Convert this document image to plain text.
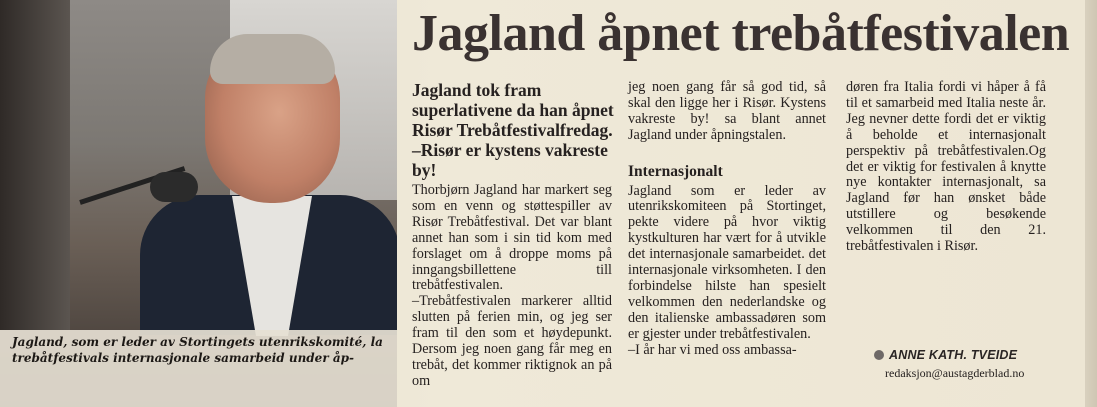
Jagland, som er leder av Stortingets utenrikskomité, la trebåtfestivals internasjonale samarbeid under åp-

Jagland åpnet trebåtfestivalen

Jagland tok fram superlativene da han åpnet Risør Trebåtfestivalfredag. –Risør er kystens vakreste by!

Thorbjørn Jagland har markert seg som en venn og støttespiller av Risør Trebåtfestival. Det var blant annet han som i sin tid kom med forslaget om å droppe moms på inngangsbillettene till trebåtfestivalen.

–Trebåtfestivalen markerer alltid slutten på ferien min, og jeg ser fram til den som et høydepunkt. Dersom jeg noen gang får meg en trebåt, det kommer riktignok an på om

jeg noen gang får så god tid, så skal den ligge her i Risør. Kystens vakreste by! sa blant annet Jagland under åpningstalen.

Internasjonalt

Jagland som er leder av utenrikskomiteen på Stortinget, pekte videre på hvor viktig kystkulturen har vært for å utvikle det internasjonale samarbeidet. det internasjonale virksomheten. I den forbindelse hilste han spesielt velkommen den nederlandske og den italienske ambassadøren som er gjester under trebåtfestivalen.

–I år har vi med oss ambassa-

døren fra Italia fordi vi håper å få til et samarbeid med Italia neste år. Jeg nevner dette fordi det er viktig å beholde et internasjonalt perspektiv på trebåtfestivalen.Og det er viktig for festivalen å knytte nye kontakter internasjonalt, sa Jagland før han ønsket både utstillere og besøkende velkommen til den 21. trebåtfestivalen i Risør.

ANNE KATH. TVEIDE

redaksjon@austagderblad.no
